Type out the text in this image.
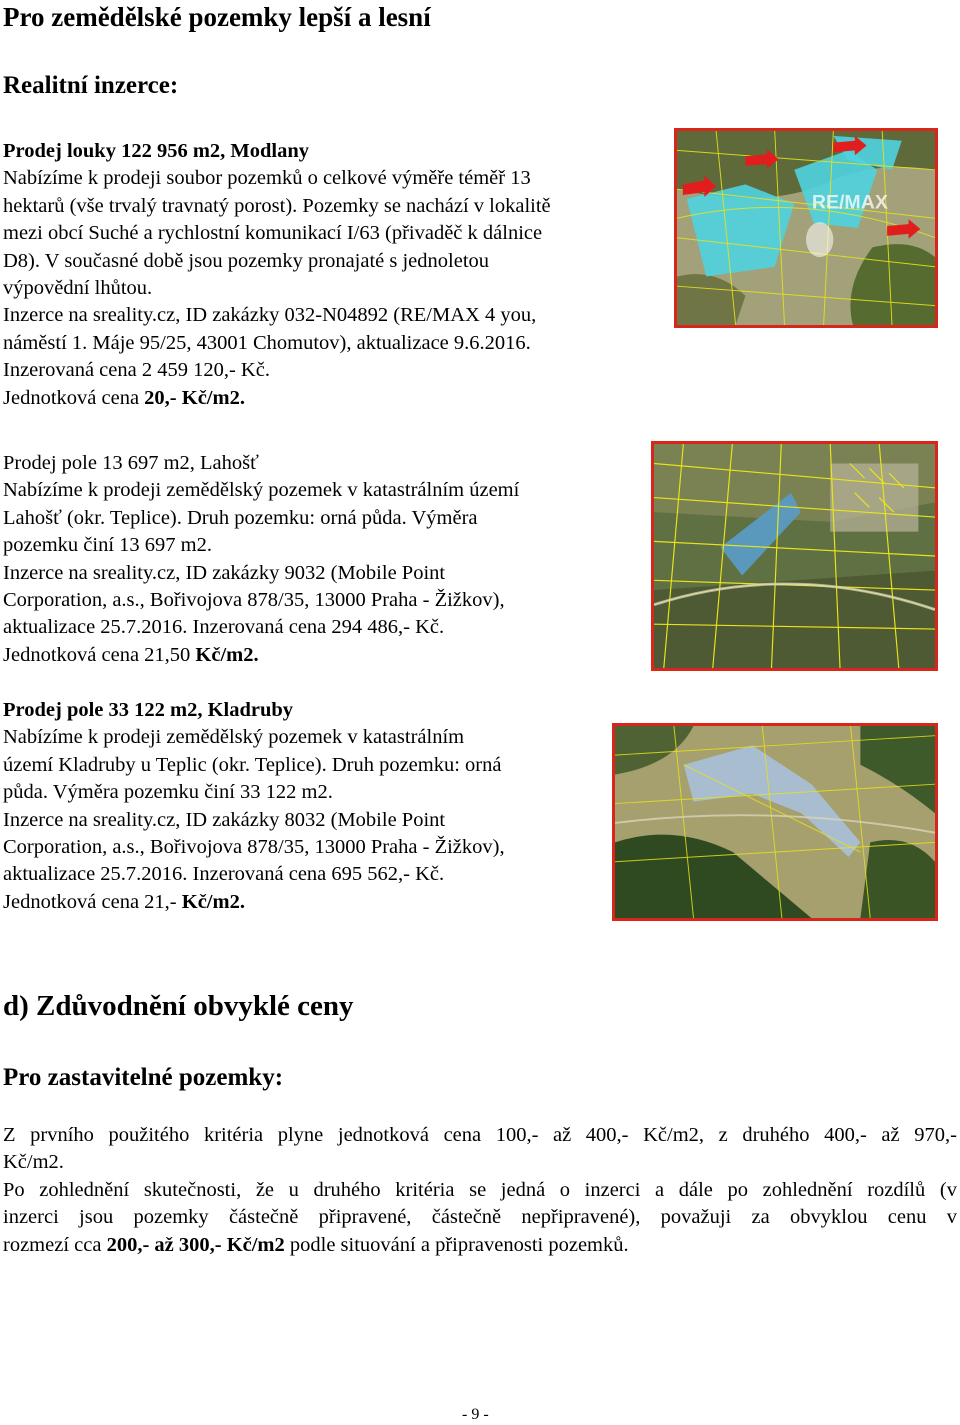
Pro zemědělské pozemky lepší a lesní
Realitní inzerce:
Prodej louky 122 956 m2, Modlany
Nabízíme k prodeji soubor pozemků o celkové výměře téměř 13
hektarů (vše trvalý travnatý porost). Pozemky se nachází v lokalitě
mezi obcí Suché a rychlostní komunikací I/63 (přivaděč k dálnice
D8). V současné době jsou pozemky pronajaté s jednoletou
výpovědní lhůtou.
Inzerce na sreality.cz, ID zakázky 032-N04892 (RE/MAX 4 you,
náměstí 1. Máje 95/25, 43001 Chomutov), aktualizace 9.6.2016.
Inzerovaná cena 2 459 120,- Kč.
Jednotková cena 20,- Kč/m2.
Prodej pole 13 697 m2, Lahošť
Nabízíme k prodeji zemědělský pozemek v katastrálním území
Lahošť (okr. Teplice). Druh pozemku: orná půda. Výměra
pozemku činí 13 697 m2.
Inzerce na sreality.cz, ID zakázky 9032 (Mobile Point
Corporation, a.s., Bořivojova 878/35, 13000 Praha - Žižkov),
aktualizace 25.7.2016. Inzerovaná cena 294 486,- Kč.
Jednotková cena 21,50 Kč/m2.
Prodej pole 33 122 m2, Kladruby
Nabízíme k prodeji zemědělský pozemek v katastrálním
území Kladruby u Teplic (okr. Teplice). Druh pozemku: orná
půda. Výměra pozemku činí 33 122 m2.
Inzerce na sreality.cz, ID zakázky 8032 (Mobile Point
Corporation, a.s., Bořivojova 878/35, 13000 Praha - Žižkov),
aktualizace 25.7.2016. Inzerovaná cena 695 562,- Kč.
Jednotková cena 21,- Kč/m2.
RE/MAX
d) Zdůvodnění obvyklé ceny
Pro zastavitelné pozemky:
Z prvního použitého kritéria plyne jednotková cena 100,- až 400,- Kč/m2, z druhého 400,- až 970,-
Kč/m2.
Po zohlednění skutečnosti, že u druhého kritéria se jedná o inzerci a dále po zohlednění rozdílů (v
inzerci jsou pozemky částečně připravené, částečně nepřipravené), považuji za obvyklou cenu v
rozmezí cca 200,- až 300,- Kč/m2 podle situování a připravenosti pozemků.
- 9 -
